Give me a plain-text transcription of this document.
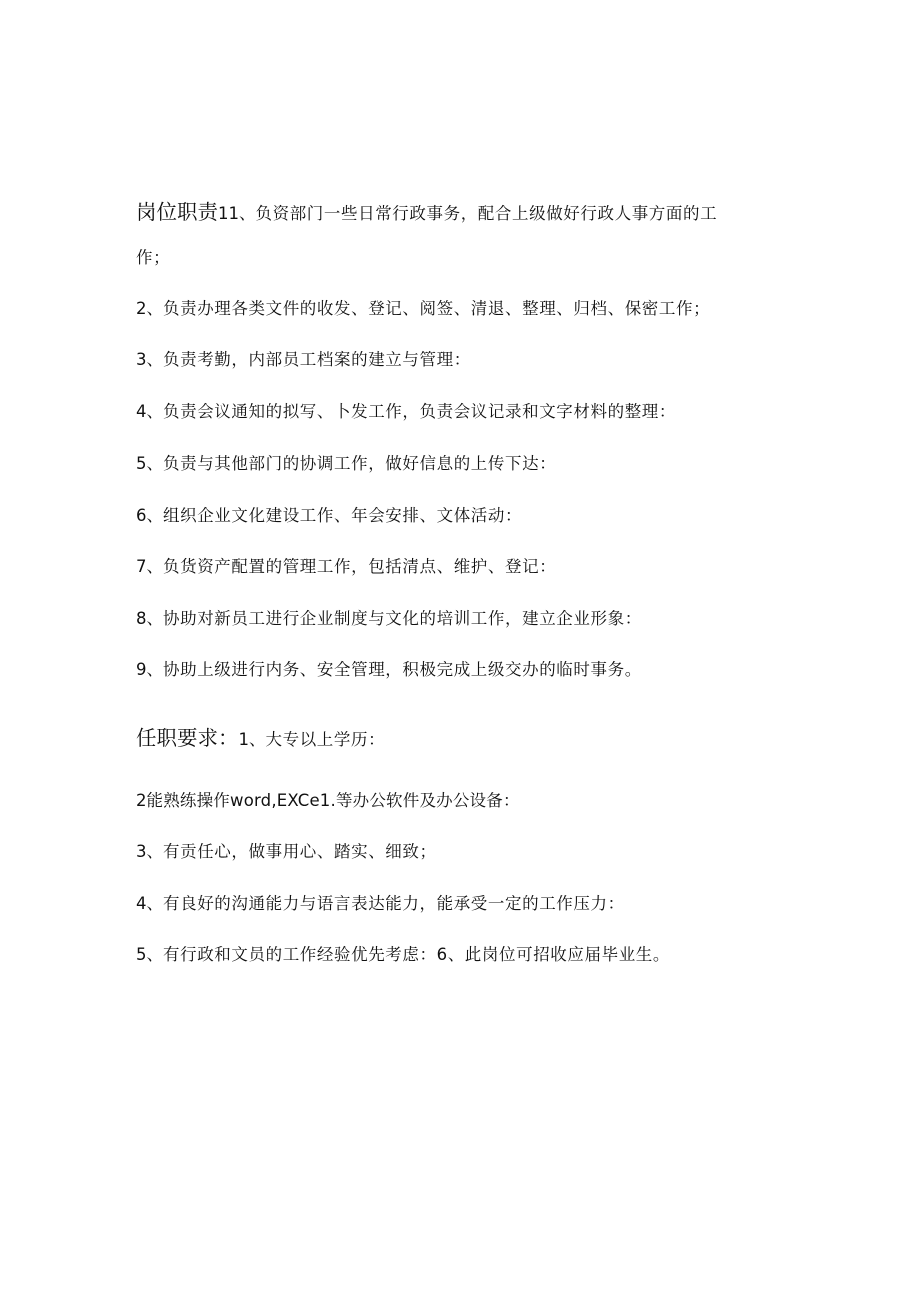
岗位职责11、负资部门一些日常行政事务，配合上级做好行政人事方面的工
作；
2、负责办理各类文件的收发、登记、阅签、清退、整理、归档、保密工作；
3、负责考勤，内部员工档案的建立与管理：
4、负责会议通知的拟写、卜发工作，负责会议记录和文字材料的整理：
5、负责与其他部门的协调工作，做好信息的上传下达：
6、组织企业文化建设工作、年会安排、文体活动：
7、负货资产配置的管理工作，包括清点、维护、登记：
8、协助对新员工进行企业制度与文化的培训工作，建立企业形象：
9、协助上级进行内务、安全管理，积极完成上级交办的临时事务。
任职要求：1、大专以上学历：
2能熟练操作word,EXCe1.等办公软件及办公设备：
3、有贡任心，做事用心、踏实、细致；
4、有良好的沟通能力与语言表达能力，能承受一定的工作压力：
5、有行政和文员的工作经验优先考虑：6、此岗位可招收应届毕业生。
